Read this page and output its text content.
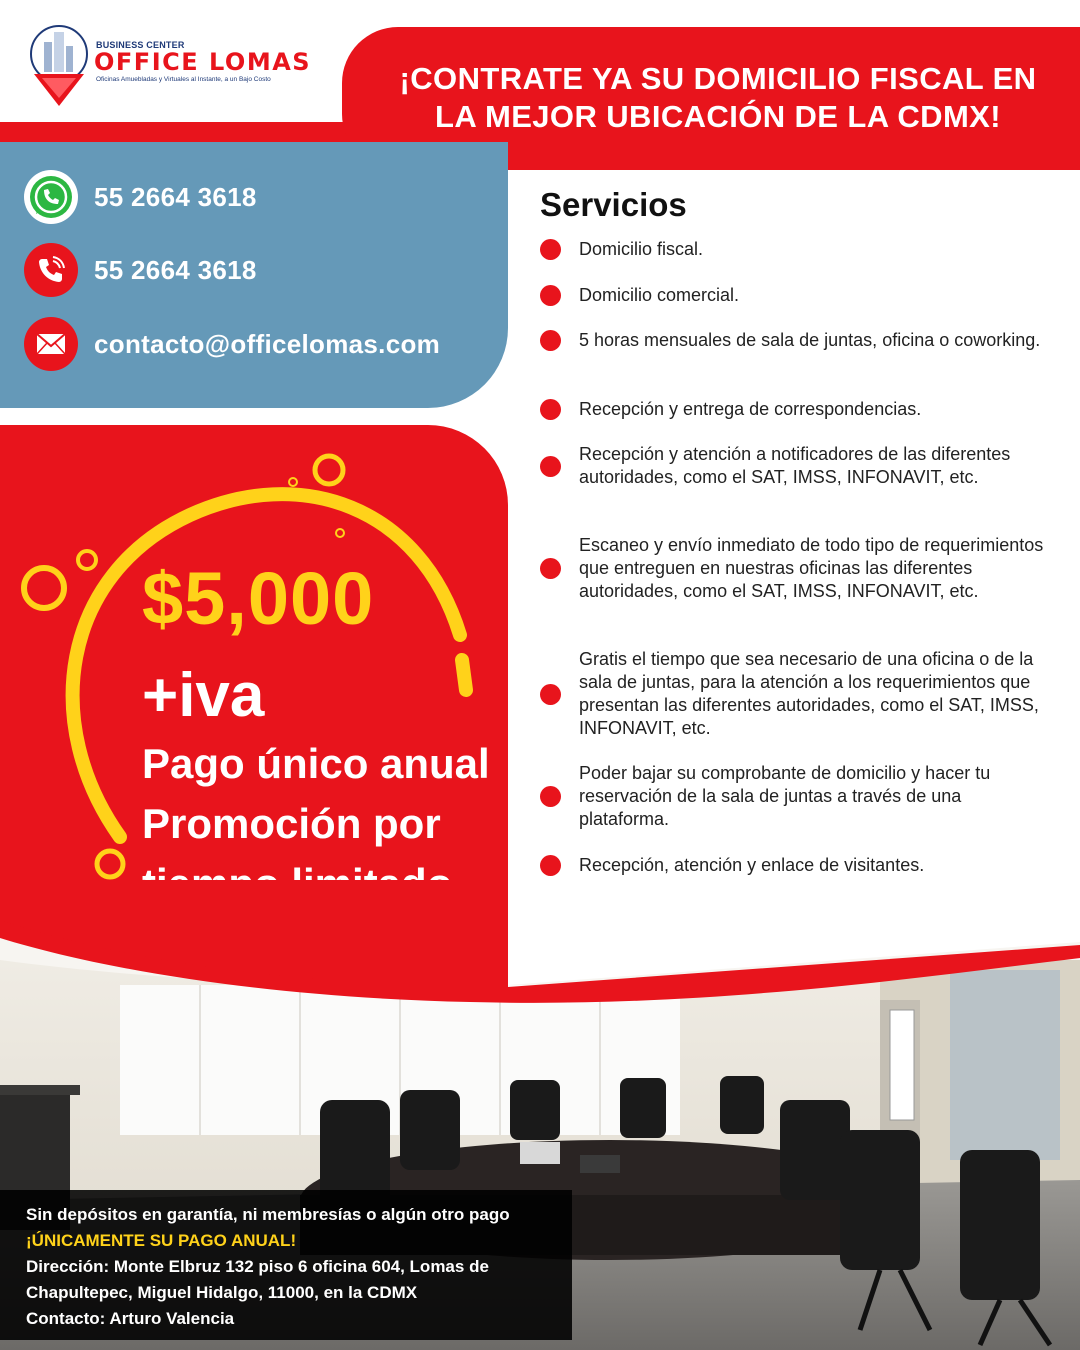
BUSINESS CENTER
OFFICE LOMAS
Oficinas Amuebladas y Virtuales al Instante, a un Bajo Costo	¡CONTRATE YA SU DOMICILIO FISCAL EN
LA MEJOR UBICACIÓN DE LA CDMX!
55 2664 3618
55 2664 3618
contacto@officelomas.com
Servicios
Domicilio fiscal.
Domicilio comercial.
5 horas mensuales de sala de juntas, oficina o coworking.
Recepción y entrega de correspondencias.
Recepción y atención a notificadores de las diferentes autoridades, como el SAT, IMSS, INFONAVIT, etc.
Escaneo y envío inmediato de todo tipo de requerimientos que entreguen en nuestras oficinas las diferentes autoridades, como el SAT, IMSS, INFONAVIT, etc.
Gratis el tiempo que sea necesario de una oficina o de la sala de juntas, para la atención a los requerimientos que presentan las diferentes autoridades, como el SAT, IMSS, INFONAVIT, etc.
Poder bajar su comprobante de domicilio y hacer tu reservación de la sala de juntas a través de una plataforma.
Recepción, atención y enlace de visitantes.
$5,000
+iva
Pago único anual
Promoción por
Sin depósitos en garantía, ni membresías o algún otro pago
¡ÚNICAMENTE SU PAGO ANUAL!
Dirección: Monte Elbruz 132 piso 6 oficina 604, Lomas de
Chapultepec, Miguel Hidalgo, 11000, en la CDMX
Contacto: Arturo Valencia
